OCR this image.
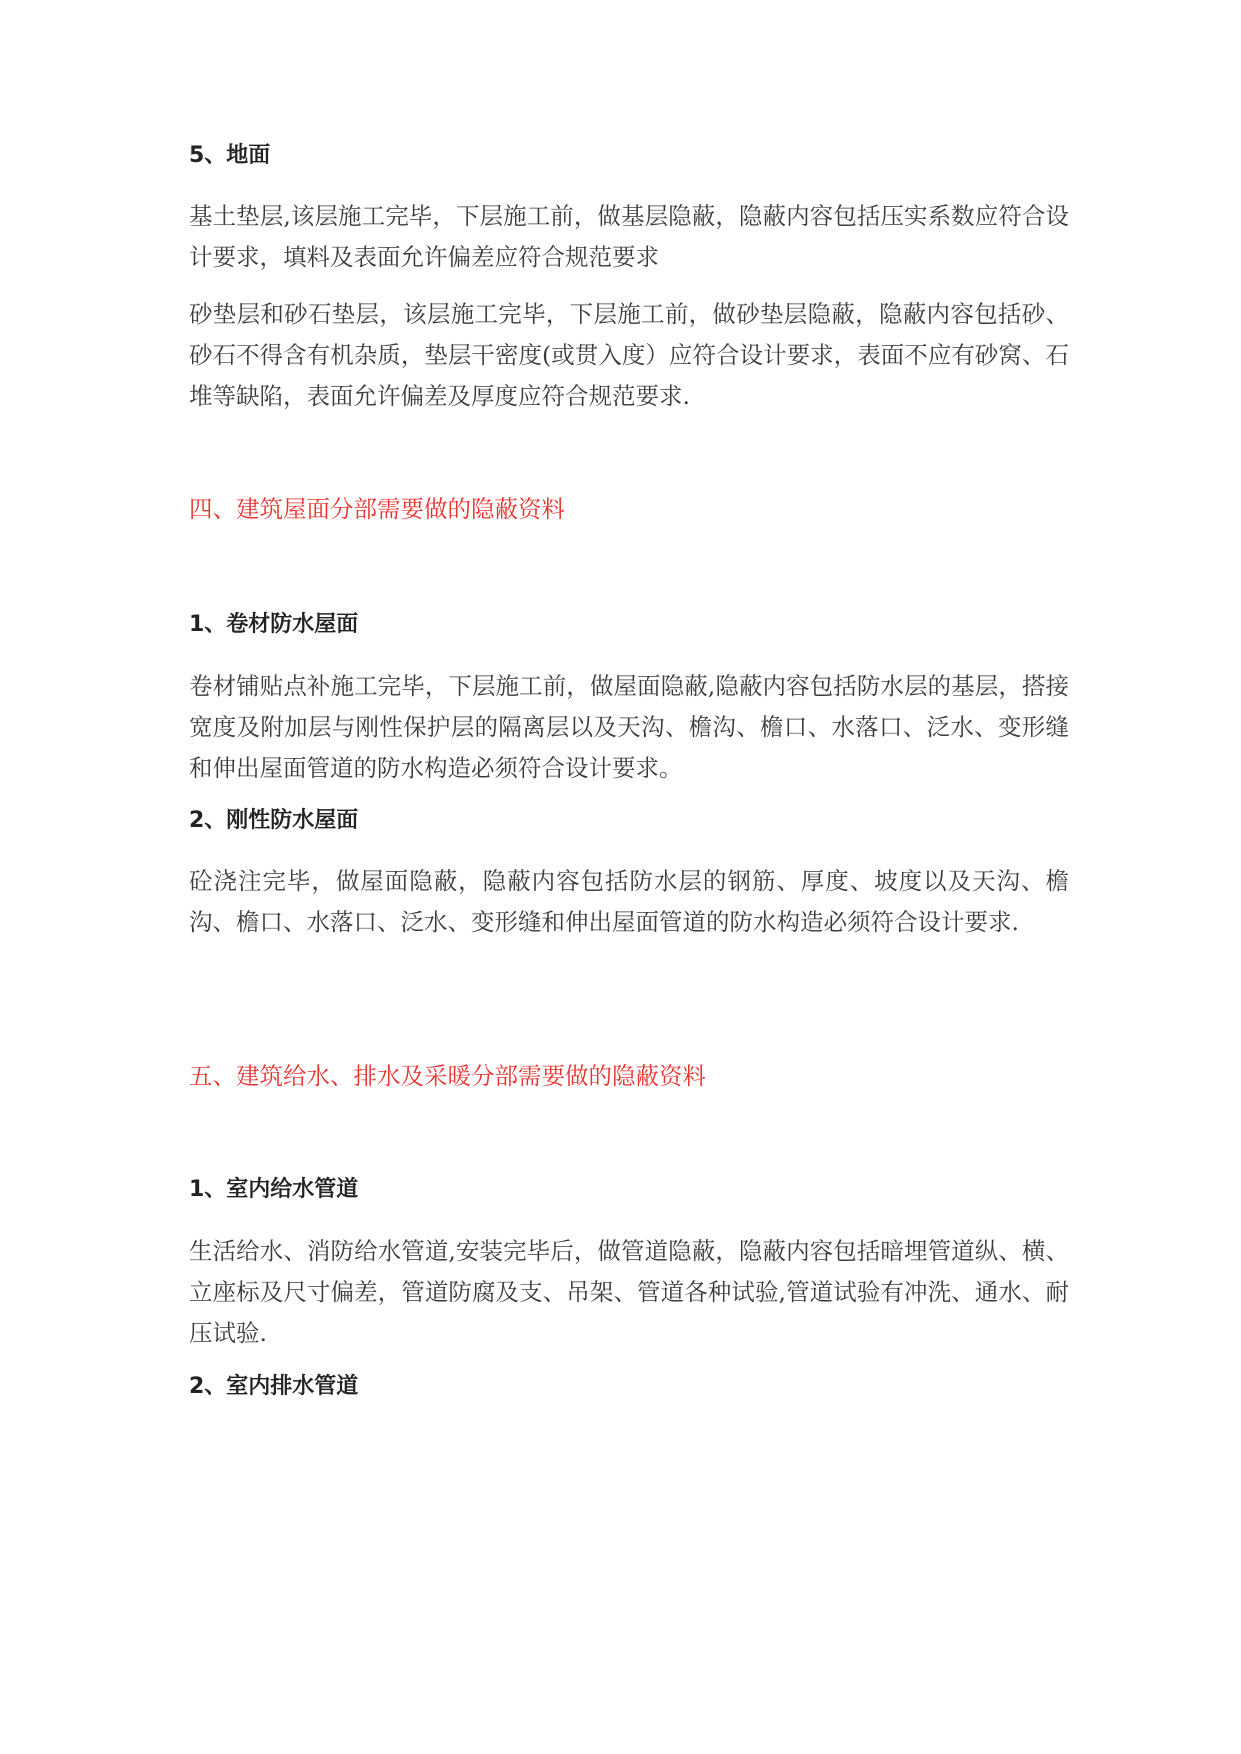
5、地面

基土垫层,该层施工完毕，下层施工前，做基层隐蔽，隐蔽内容包括压实系数应符合设计要求，填料及表面允许偏差应符合规范要求

砂垫层和砂石垫层，该层施工完毕，下层施工前，做砂垫层隐蔽，隐蔽内容包括砂、砂石不得含有机杂质，垫层干密度(或贯入度）应符合设计要求，表面不应有砂窝、石堆等缺陷，表面允许偏差及厚度应符合规范要求.

四、建筑屋面分部需要做的隐蔽资料

1、卷材防水屋面

卷材铺贴点补施工完毕，下层施工前，做屋面隐蔽,隐蔽内容包括防水层的基层，搭接宽度及附加层与刚性保护层的隔离层以及天沟、檐沟、檐口、水落口、泛水、变形缝和伸出屋面管道的防水构造必须符合设计要求。

2、刚性防水屋面

砼浇注完毕，做屋面隐蔽，隐蔽内容包括防水层的钢筋、厚度、坡度以及天沟、檐沟、檐口、水落口、泛水、变形缝和伸出屋面管道的防水构造必须符合设计要求.

五、建筑给水、排水及采暖分部需要做的隐蔽资料

1、室内给水管道

生活给水、消防给水管道,安装完毕后，做管道隐蔽，隐蔽内容包括暗埋管道纵、横、立座标及尺寸偏差，管道防腐及支、吊架、管道各种试验,管道试验有冲洗、通水、耐压试验.

2、室内排水管道
